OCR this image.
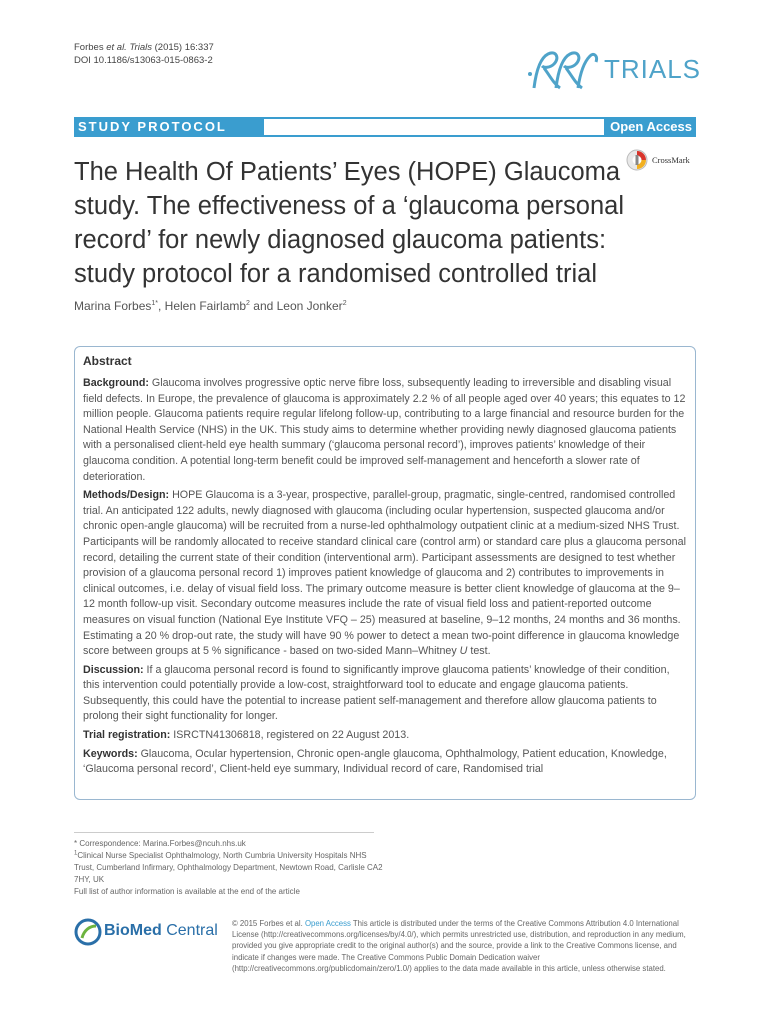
Forbes et al. Trials (2015) 16:337
DOI 10.1186/s13063-015-0863-2	TRIALS
STUDY PROTOCOL	Open Access
CrossMark
The Health Of Patients’ Eyes (HOPE) Glaucoma study. The effectiveness of a ‘glaucoma personal record’ for newly diagnosed glaucoma patients: study protocol for a randomised controlled trial
Marina Forbes$^{1*}$, Helen Fairlamb$^2$ and Leon Jonker$^2$
Abstract

Background: Glaucoma involves progressive optic nerve fibre loss, subsequently leading to irreversible and disabling visual field defects. In Europe, the prevalence of glaucoma is approximately 2.2 % of all people aged over 40 years; this equates to 12 million people. Glaucoma patients require regular lifelong follow-up, contributing to a large financial and resource burden for the National Health Service (NHS) in the UK. This study aims to determine whether providing newly diagnosed glaucoma patients with a personalised client-held eye health summary (‘glaucoma personal record’), improves patients’ knowledge of their glaucoma condition. A potential long-term benefit could be improved self-management and henceforth a slower rate of deterioration.

Methods/Design: HOPE Glaucoma is a 3-year, prospective, parallel-group, pragmatic, single-centred, randomised controlled trial. An anticipated 122 adults, newly diagnosed with glaucoma (including ocular hypertension, suspected glaucoma and/or chronic open-angle glaucoma) will be recruited from a nurse-led ophthalmology outpatient clinic at a medium-sized NHS Trust. Participants will be randomly allocated to receive standard clinical care (control arm) or standard care plus a glaucoma personal record, detailing the current state of their condition (interventional arm). Participant assessments are designed to test whether provision of a glaucoma personal record 1) improves patient knowledge of glaucoma and 2) contributes to improvements in clinical outcomes, i.e. delay of visual field loss. The primary outcome measure is better client knowledge of glaucoma at the 9–12 month follow-up visit. Secondary outcome measures include the rate of visual field loss and patient-reported outcome measures on visual function (National Eye Institute VFQ – 25) measured at baseline, 9–12 months, 24 months and 36 months. Estimating a 20 % drop-out rate, the study will have 90 % power to detect a mean two-point difference in glaucoma knowledge score between groups at 5 % significance - based on two-sided Mann–Whitney U test.

Discussion: If a glaucoma personal record is found to significantly improve glaucoma patients’ knowledge of their condition, this intervention could potentially provide a low-cost, straightforward tool to educate and engage glaucoma patients. Subsequently, this could have the potential to increase patient self-management and therefore allow glaucoma patients to prolong their sight functionality for longer.

Trial registration: ISRCTN41306818, registered on 22 August 2013.

Keywords: Glaucoma, Ocular hypertension, Chronic open-angle glaucoma, Ophthalmology, Patient education, Knowledge, ‘Glaucoma personal record’, Client-held eye summary, Individual record of care, Randomised trial

* Correspondence: Marina.Forbes@ncuh.nhs.uk
$^1$Clinical Nurse Specialist Ophthalmology, North Cumbria University Hospitals NHS Trust, Cumberland Infirmary, Ophthalmology Department, Newtown Road, Carlisle CA2 7HY, UK
Full list of author information is available at the end of the article
BioMed Central © 2015 Forbes et al. Open Access This article is distributed under the terms of the Creative Commons Attribution 4.0 International License (http://creativecommons.org/licenses/by/4.0/), which permits unrestricted use, distribution, and reproduction in any medium, provided you give appropriate credit to the original author(s) and the source, provide a link to the Creative Commons license, and indicate if changes were made. The Creative Commons Public Domain Dedication waiver (http://creativecommons.org/publicdomain/zero/1.0/) applies to the data made available in this article, unless otherwise stated.
